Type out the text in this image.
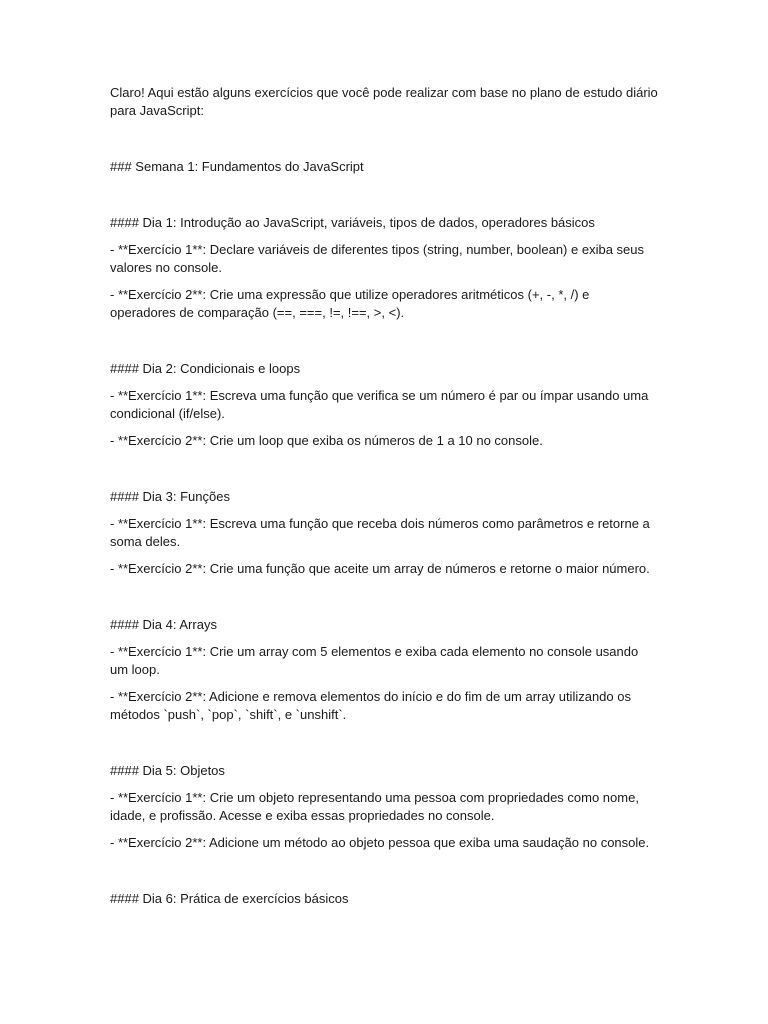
Claro! Aqui estão alguns exercícios que você pode realizar com base no plano de estudo diário para JavaScript:

### Semana 1: Fundamentos do JavaScript

#### Dia 1: Introdução ao JavaScript, variáveis, tipos de dados, operadores básicos

- **Exercício 1**: Declare variáveis de diferentes tipos (string, number, boolean) e exiba seus valores no console.

- **Exercício 2**: Crie uma expressão que utilize operadores aritméticos (+, -, *, /) e operadores de comparação (==, ===, !=, !==, >, <).

#### Dia 2: Condicionais e loops

- **Exercício 1**: Escreva uma função que verifica se um número é par ou ímpar usando uma condicional (if/else).

- **Exercício 2**: Crie um loop que exiba os números de 1 a 10 no console.

#### Dia 3: Funções

- **Exercício 1**: Escreva uma função que receba dois números como parâmetros e retorne a soma deles.

- **Exercício 2**: Crie uma função que aceite um array de números e retorne o maior número.

#### Dia 4: Arrays

- **Exercício 1**: Crie um array com 5 elementos e exiba cada elemento no console usando um loop.

- **Exercício 2**: Adicione e remova elementos do início e do fim de um array utilizando os métodos `push`, `pop`, `shift`, e `unshift`.

#### Dia 5: Objetos

- **Exercício 1**: Crie um objeto representando uma pessoa com propriedades como nome, idade, e profissão. Acesse e exiba essas propriedades no console.

- **Exercício 2**: Adicione um método ao objeto pessoa que exiba uma saudação no console.

#### Dia 6: Prática de exercícios básicos
